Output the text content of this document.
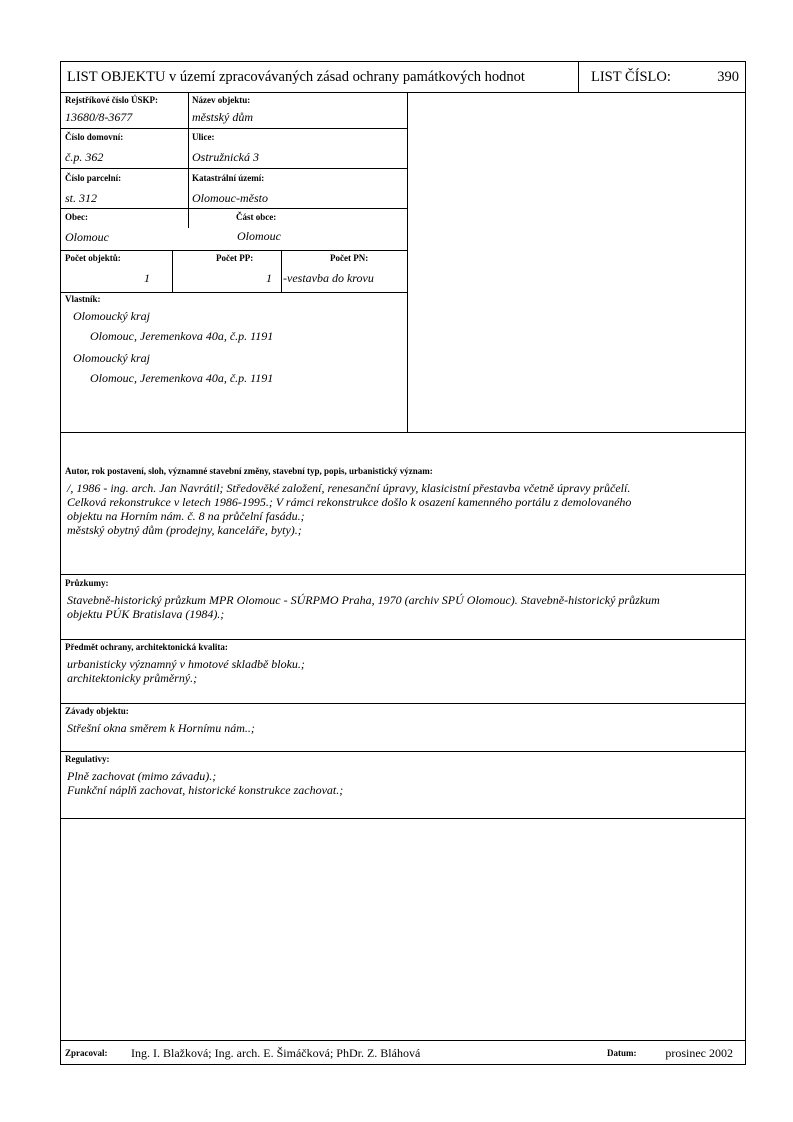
LIST OBJEKTU v území zpracovávaných zásad ochrany památkových hodnot	LIST ČÍSLO:	390
Rejstříkové číslo ÚSKP:
13680/8-3677
Název objektu:
městský dům
Číslo domovní:
č.p. 362
Ulice:
Ostružnická 3
Číslo parcelní:
st. 312
Katastrální území:
Olomouc-město
Obec:
Olomouc
Část obce:
Olomouc
Počet objektů:
1
Počet PP:
1
Počet PN:
-vestavba do krovu
Vlastník:
Olomoucký kraj
Olomouc, Jeremenkova 40a, č.p. 1191
Olomoucký kraj
Olomouc, Jeremenkova 40a, č.p. 1191
Autor, rok postavení, sloh, významné stavební změny, stavební typ, popis, urbanistický význam:
/, 1986 - ing. arch. Jan Navrátil; Středověké založení, renesanční úpravy, klasicistní přestavba včetně úpravy průčelí.
Celková rekonstrukce v letech 1986-1995.; V rámci rekonstrukce došlo k osazení kamenného portálu z demolovaného
objektu na Horním nám. č. 8 na průčelní fasádu.;
městský obytný dům (prodejny, kanceláře, byty).;
Průzkumy:
Stavebně-historický průzkum MPR Olomouc - SÚRPMO Praha, 1970 (archiv SPÚ Olomouc). Stavebně-historický průzkum
objektu PÚK Bratislava (1984).;
Předmět ochrany, architektonická kvalita:
urbanisticky významný v hmotové skladbě bloku.;
architektonicky průměrný.;
Závady objektu:
Střešní okna směrem k Hornímu nám..;
Regulativy:
Plně zachovat (mimo závadu).;
Funkční náplň zachovat, historické konstrukce zachovat.;
Zpracoval: Ing. I. Blažková; Ing. arch. E. Šimáčková; PhDr. Z. Bláhová	Datum: prosinec 2002
